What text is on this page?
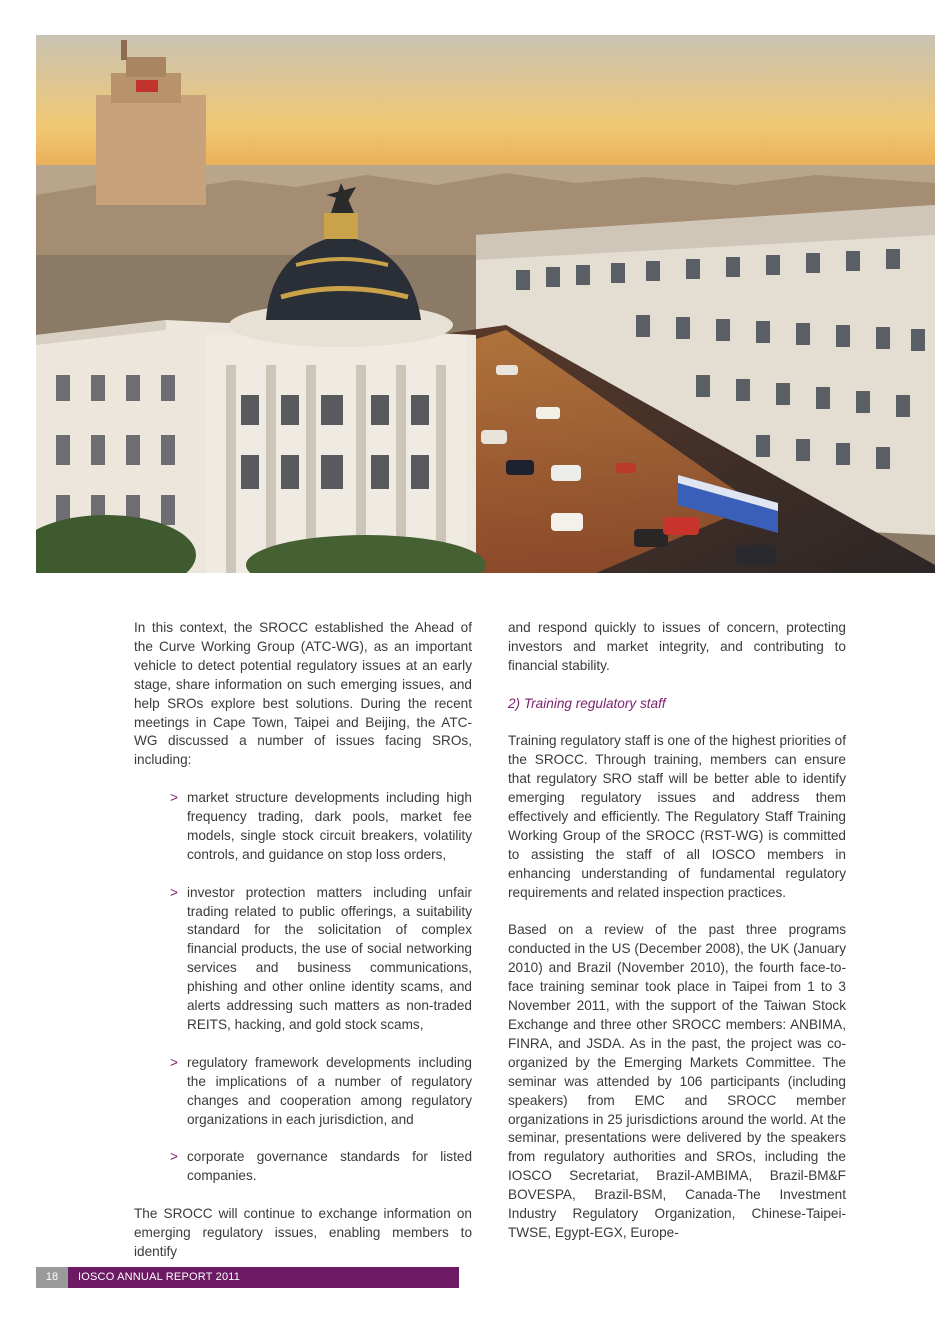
In this context, the SROCC established the Ahead of the Curve Working Group (ATC-WG), as an important vehicle to detect potential regulatory issues at an early stage, share information on such emerging issues, and help SROs explore best solutions. During the recent meetings in Cape Town, Taipei and Beijing, the ATC-WG discussed a number of issues facing SROs, including:

> market structure developments including high frequency trading, dark pools, market fee models, single stock circuit breakers, volatility controls, and guidance on stop loss orders,
> investor protection matters including unfair trading related to public offerings, a suitability standard for the solicitation of complex financial products, the use of social networking services and business communications, phishing and other online identity scams, and alerts addressing such matters as non-traded REITS, hacking, and gold stock scams,
> regulatory framework developments including the implications of a number of regulatory changes and cooperation among regulatory organizations in each jurisdiction, and
> corporate governance standards for listed companies.

The SROCC will continue to exchange information on emerging regulatory issues, enabling members to identify

and respond quickly to issues of concern, protecting investors and market integrity, and contributing to financial stability.

2) Training regulatory staff

Training regulatory staff is one of the highest priorities of the SROCC. Through training, members can ensure that regulatory SRO staff will be better able to identify emerging regulatory issues and address them effectively and efficiently. The Regulatory Staff Training Working Group of the SROCC (RST-WG) is committed to assisting the staff of all IOSCO members in enhancing understanding of fundamental regulatory requirements and related inspection practices.

Based on a review of the past three programs conducted in the US (December 2008), the UK (January 2010) and Brazil (November 2010), the fourth face-to-face training seminar took place in Taipei from 1 to 3 November 2011, with the support of the Taiwan Stock Exchange and three other SROCC members: ANBIMA, FINRA, and JSDA. As in the past, the project was co-organized by the Emerging Markets Committee. The seminar was attended by 106 participants (including speakers) from EMC and SROCC member organizations in 25 jurisdictions around the world. At the seminar, presentations were delivered by the speakers from regulatory authorities and SROs, including the IOSCO Secretariat, Brazil-AMBIMA, Brazil-BM&F BOVESPA, Brazil-BSM, Canada-The Investment Industry Regulatory Organization, Chinese-Taipei-TWSE, Egypt-EGX, Europe-

18	IOSCO ANNUAL REPORT 2011
